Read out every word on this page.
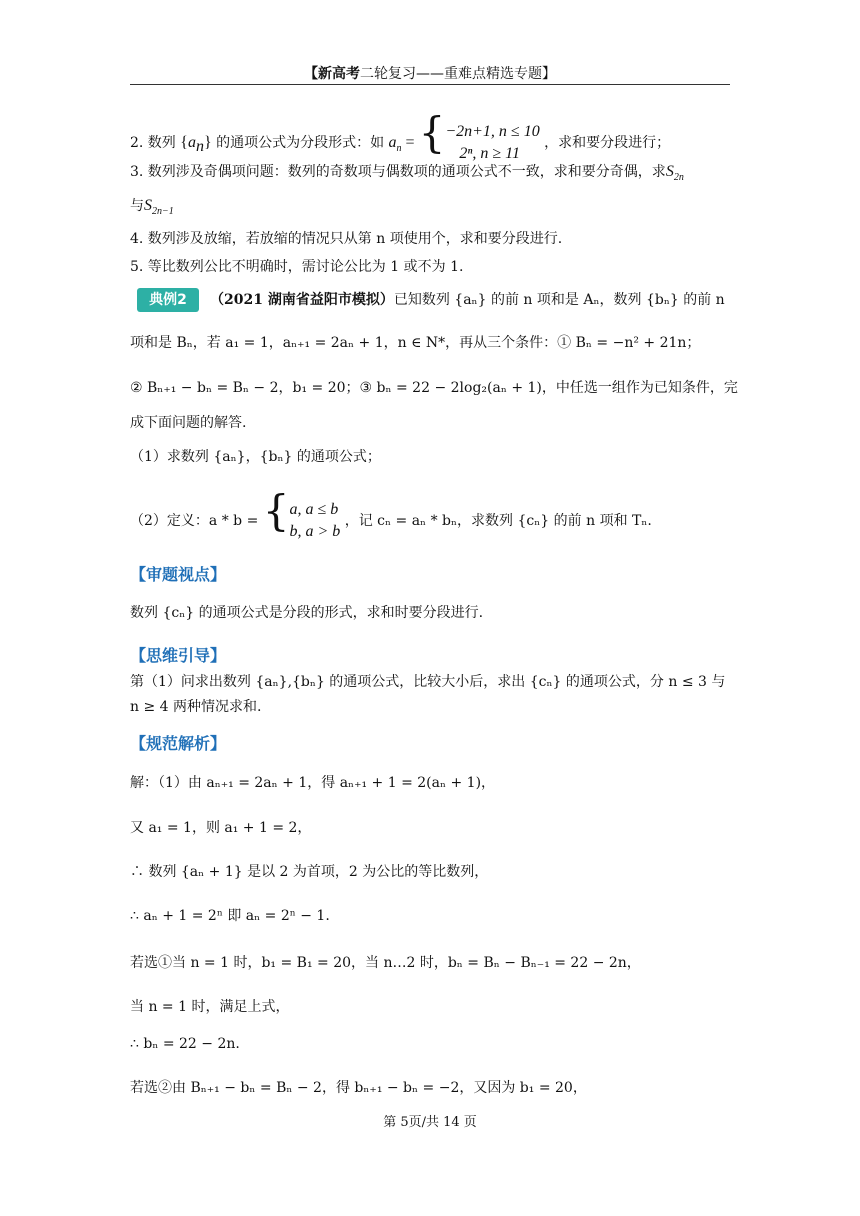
【新高考二轮复习——重难点精选专题】
2. 数列 $\{a_n\}$ 的通项公式为分段形式：如 $a_n = \{-2n+1$, n ≤ 10
2ⁿ, n ≥ 11 ，求和要分段进行；
3. 数列涉及奇偶项问题：数列的奇数项与偶数项的通项公式不一致，求和要分奇偶，求$S_{2n}$
与$S_{2n-1}$
4. 数列涉及放缩，若放缩的情况只从第 n 项使用个，求和要分段进行.
5. 等比数列公比不明确时，需讨论公比为 1 或不为 1.
典例2	（2021 湖南省益阳市模拟）已知数列 {aₙ} 的前 n 项和是 Aₙ，数列 {bₙ} 的前 n
项和是 Bₙ，若 a₁ = 1，aₙ₊₁ = 2aₙ + 1，n ∈ N*，再从三个条件：① Bₙ = −n² + 21n；
② Bₙ₊₁ − bₙ = Bₙ − 2，b₁ = 20；③ bₙ = 22 − 2log₂(aₙ + 1)，中任选一组作为已知条件，完
成下面问题的解答.
（1）求数列 {aₙ}，{bₙ} 的通项公式；
（2）定义：a * b = {a, a ≤ b
b, a > b ，记 cₙ = aₙ * bₙ，求数列 {cₙ} 的前 n 项和 Tₙ.
【审题视点】
数列 {cₙ} 的通项公式是分段的形式，求和时要分段进行.
【思维引导】
第（1）问求出数列 {aₙ},{bₙ} 的通项公式，比较大小后，求出 {cₙ} 的通项公式，分 n ≤ 3 与
n ≥ 4 两种情况求和.
【规范解析】
解：（1）由 aₙ₊₁ = 2aₙ + 1，得 aₙ₊₁ + 1 = 2(aₙ + 1)，
又 a₁ = 1，则 a₁ + 1 = 2，
∴ 数列 {aₙ + 1} 是以 2 为首项，2 为公比的等比数列，
∴ aₙ + 1 = 2ⁿ 即 aₙ = 2ⁿ − 1.
若选①当 n = 1 时，b₁ = B₁ = 20，当 n…2 时，bₙ = Bₙ − Bₙ₋₁ = 22 − 2n，
当 n = 1 时，满足上式，
∴ bₙ = 22 − 2n.
若选②由 Bₙ₊₁ − bₙ = Bₙ − 2，得 bₙ₊₁ − bₙ = −2，又因为 b₁ = 20，
第 5页/共 14 页
